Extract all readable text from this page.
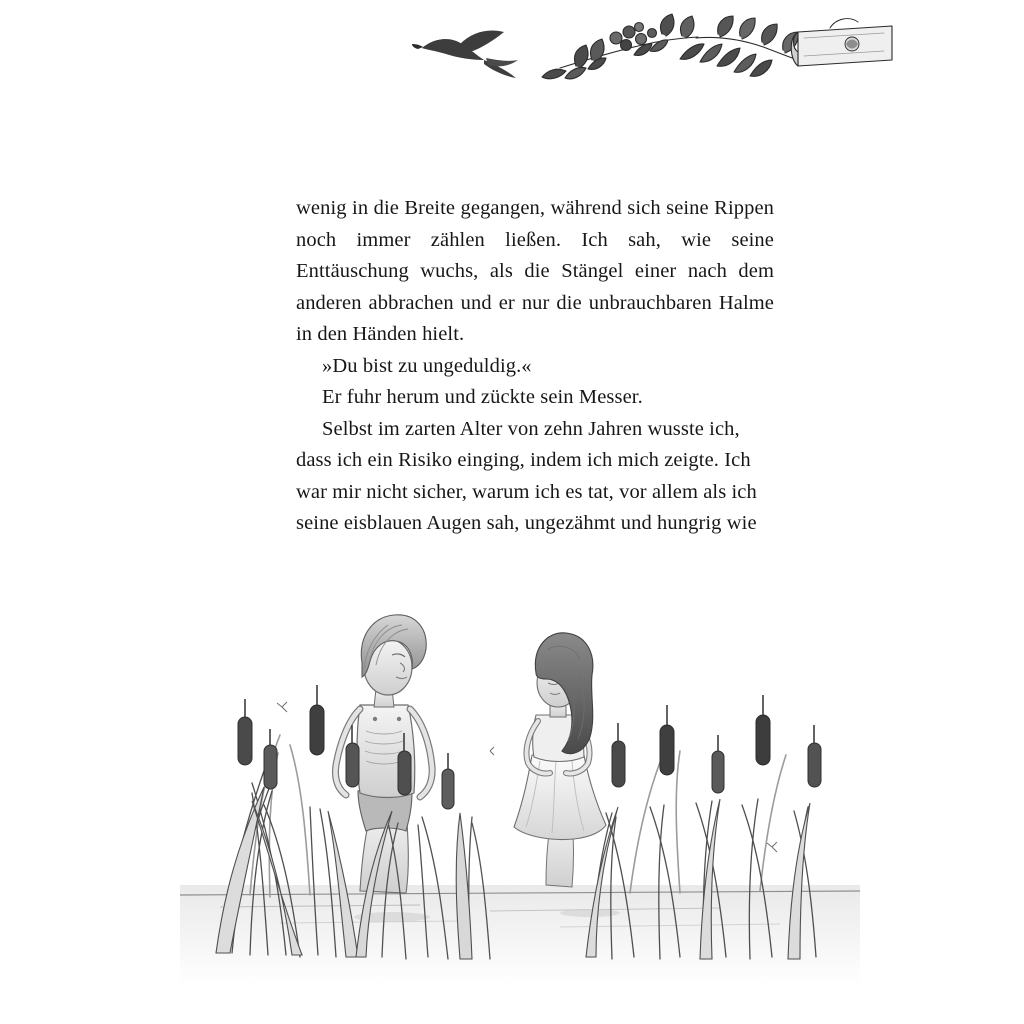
wenig in die Breite gegangen, während sich seine Rippen noch immer zählen ließen. Ich sah, wie seine Enttäuschung wuchs, als die Stängel einer nach dem anderen abbrachen und er nur die unbrauchbaren Halme in den Händen hielt.

»Du bist zu ungeduldig.«

Er fuhr herum und zückte sein Messer.

Selbst im zarten Alter von zehn Jahren wusste ich, dass ich ein Risiko einging, indem ich mich zeigte. Ich war mir nicht sicher, warum ich es tat, vor allem als ich seine eisblauen Augen sah, ungezähmt und hungrig wie
